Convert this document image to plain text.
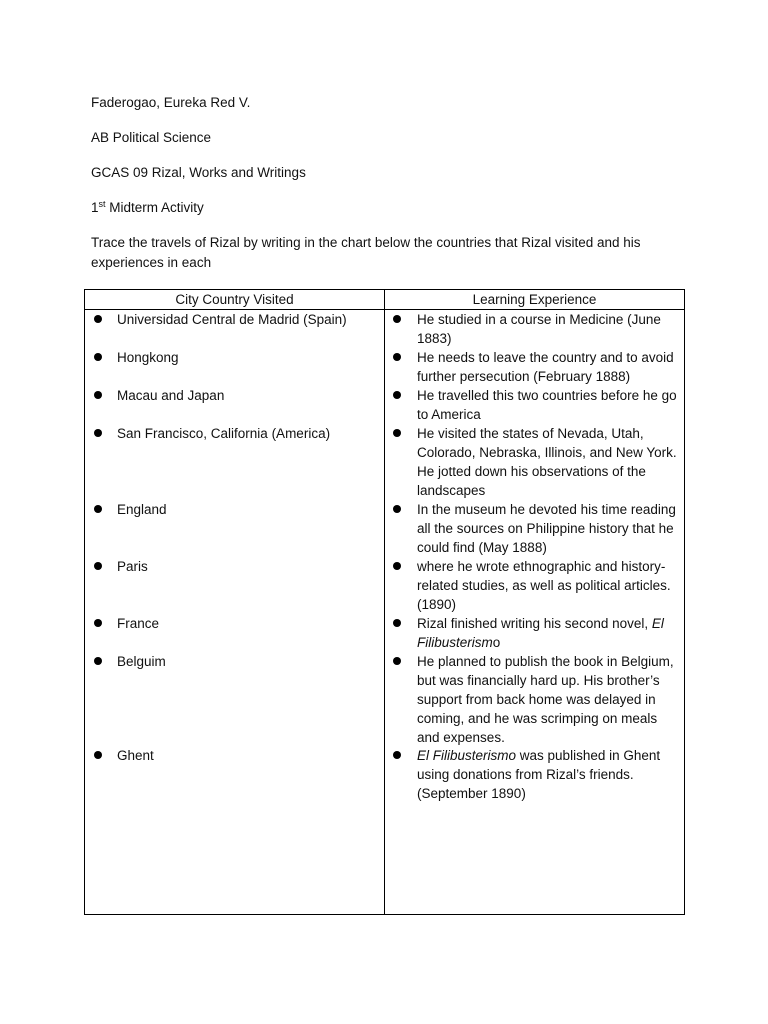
Faderogao, Eureka Red V.
AB Political Science
GCAS 09 Rizal, Works and Writings
1st Midterm Activity
Trace the travels of Rizal by writing in the chart below the countries that Rizal visited and his experiences in each
City Country Visited	Learning Experience
Universidad Central de Madrid (Spain)	He studied in a course in Medicine (June 1883)
Hongkong	He needs to leave the country and to avoid further persecution (February 1888)
Macau and Japan	He travelled this two countries before he go to America
San Francisco, California (America)	He visited the states of Nevada, Utah, Colorado, Nebraska, Illinois, and New York. He jotted down his observations of the landscapes
England	In the museum he devoted his time reading all the sources on Philippine history that he could find (May 1888)
Paris	where he wrote ethnographic and history-related studies, as well as political articles. (1890)
France	Rizal finished writing his second novel, El Filibusterismo
Belguim	He planned to publish the book in Belgium, but was financially hard up. His brother’s support from back home was delayed in coming, and he was scrimping on meals and expenses.
Ghent	El Filibusterismo was published in Ghent using donations from Rizal’s friends. (September 1890)
